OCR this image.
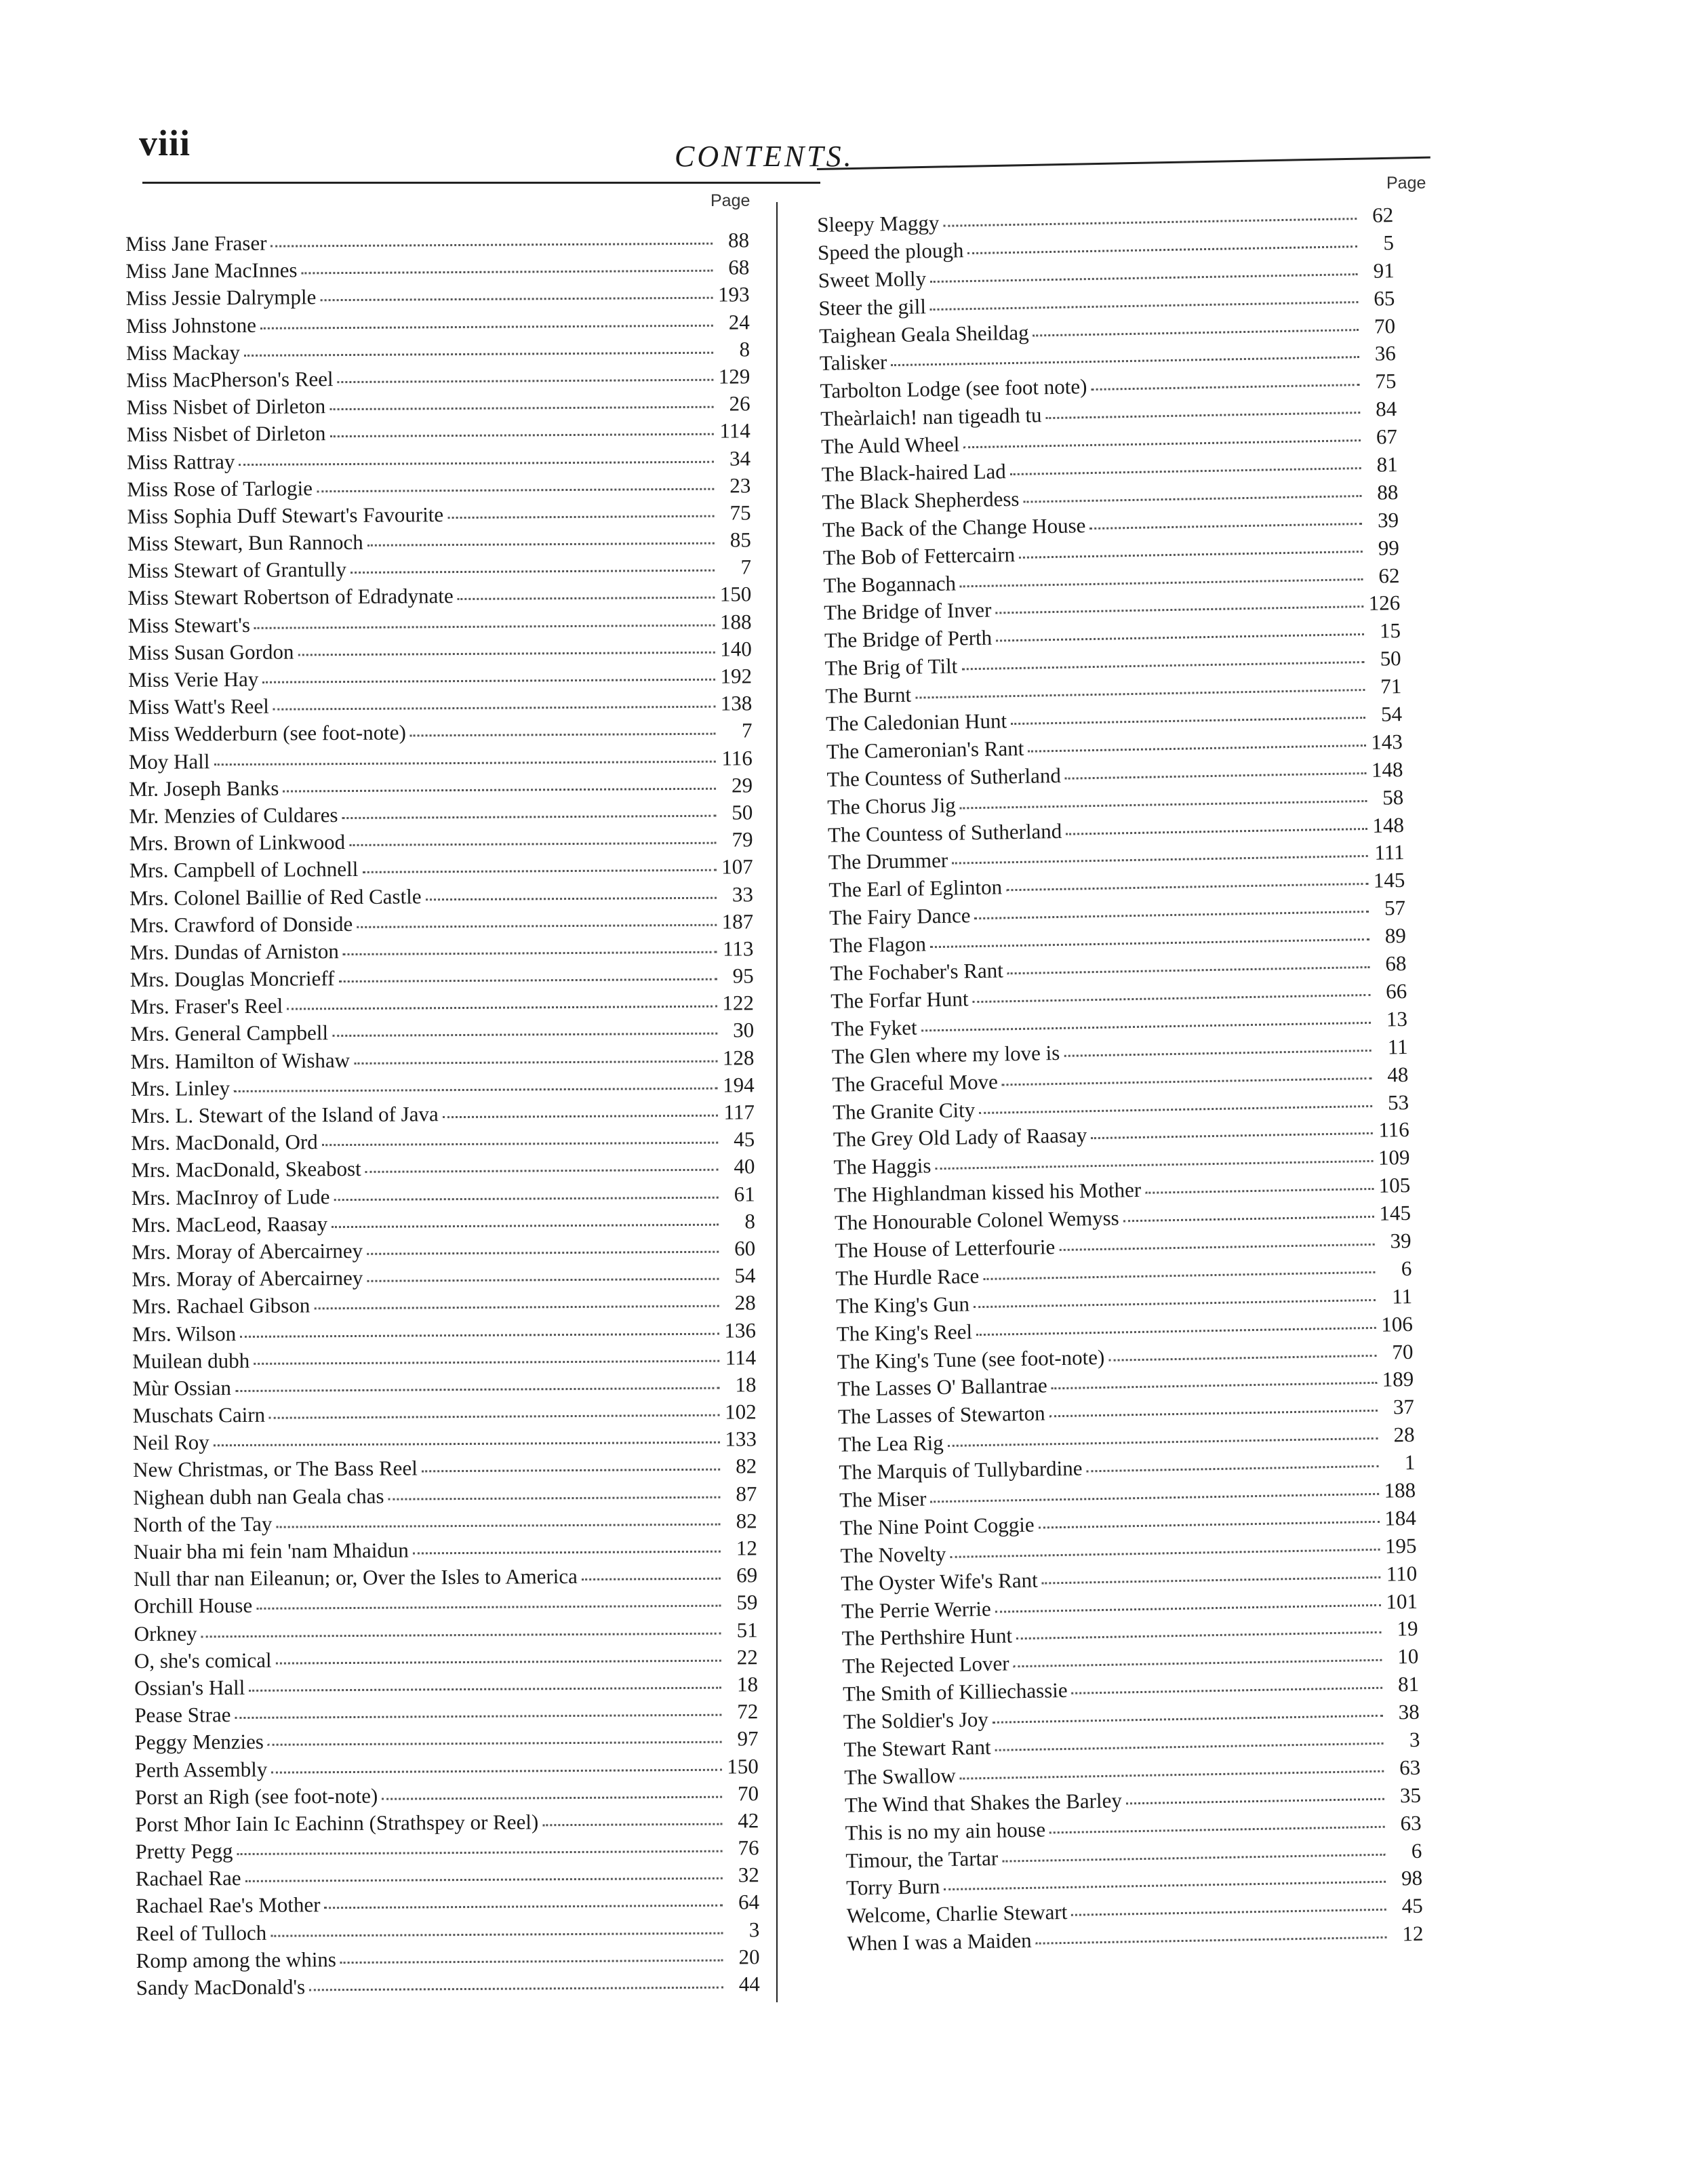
viii	CONTENTS.
Page
Page
Miss Jane Fraser	88
Miss Jane MacInnes	68
Miss Jessie Dalrymple	193
Miss Johnstone	24
Miss Mackay	8
Miss MacPherson's Reel	129
Miss Nisbet of Dirleton	26
Miss Nisbet of Dirleton	114
Miss Rattray	34
Miss Rose of Tarlogie	23
Miss Sophia Duff Stewart's Favourite	75
Miss Stewart, Bun Rannoch	85
Miss Stewart of Grantully	7
Miss Stewart Robertson of Edradynate	150
Miss Stewart's	188
Miss Susan Gordon	140
Miss Verie Hay	192
Miss Watt's Reel	138
Miss Wedderburn (see foot-note)	7
Moy Hall	116
Mr. Joseph Banks	29
Mr. Menzies of Culdares	50
Mrs. Brown of Linkwood	79
Mrs. Campbell of Lochnell	107
Mrs. Colonel Baillie of Red Castle	33
Mrs. Crawford of Donside	187
Mrs. Dundas of Arniston	113
Mrs. Douglas Moncrieff	95
Mrs. Fraser's Reel	122
Mrs. General Campbell	30
Mrs. Hamilton of Wishaw	128
Mrs. Linley	194
Mrs. L. Stewart of the Island of Java	117
Mrs. MacDonald, Ord	45
Mrs. MacDonald, Skeabost	40
Mrs. MacInroy of Lude	61
Mrs. MacLeod, Raasay	8
Mrs. Moray of Abercairney	60
Mrs. Moray of Abercairney	54
Mrs. Rachael Gibson	28
Mrs. Wilson	136
Muilean dubh	114
Mùr Ossian	18
Muschats Cairn	102
Neil Roy	133
New Christmas, or The Bass Reel	82
Nighean dubh nan Geala chas	87
North of the Tay	82
Nuair bha mi fein 'nam Mhaidun	12
Null thar nan Eileanun; or, Over the Isles to America	69
Orchill House	59
Orkney	51
O, she's comical	22
Ossian's Hall	18
Pease Strae	72
Peggy Menzies	97
Perth Assembly	150
Porst an Righ (see foot-note)	70
Porst Mhor Iain Ic Eachinn (Strathspey or Reel)	42
Pretty Pegg	76
Rachael Rae	32
Rachael Rae's Mother	64
Reel of Tulloch	3
Romp among the whins	20
Sandy MacDonald's	44
Sleepy Maggy	62
Speed the plough	5
Sweet Molly	91
Steer the gill	65
Taighean Geala Sheildag	70
Talisker	36
Tarbolton Lodge (see foot note)	75
Theàrlaich! nan tigeadh tu	84
The Auld Wheel	67
The Black-haired Lad	81
The Black Shepherdess	88
The Back of the Change House	39
The Bob of Fettercairn	99
The Bogannach	62
The Bridge of Inver	126
The Bridge of Perth	15
The Brig of Tilt	50
The Burnt	71
The Caledonian Hunt	54
The Cameronian's Rant	143
The Countess of Sutherland	148
The Chorus Jig	58
The Countess of Sutherland	148
The Drummer	111
The Earl of Eglinton	145
The Fairy Dance	57
The Flagon	89
The Fochaber's Rant	68
The Forfar Hunt	66
The Fyket	13
The Glen where my love is	11
The Graceful Move	48
The Granite City	53
The Grey Old Lady of Raasay	116
The Haggis	109
The Highlandman kissed his Mother	105
The Honourable Colonel Wemyss	145
The House of Letterfourie	39
The Hurdle Race	6
The King's Gun	11
The King's Reel	106
The King's Tune (see foot-note)	70
The Lasses O' Ballantrae	189
The Lasses of Stewarton	37
The Lea Rig	28
The Marquis of Tullybardine	1
The Miser	188
The Nine Point Coggie	184
The Novelty	195
The Oyster Wife's Rant	110
The Perrie Werrie	101
The Perthshire Hunt	19
The Rejected Lover	10
The Smith of Killiechassie	81
The Soldier's Joy	38
The Stewart Rant	3
The Swallow	63
The Wind that Shakes the Barley	35
This is no my ain house	63
Timour, the Tartar	6
Torry Burn	98
Welcome, Charlie Stewart	45
When I was a Maiden	12
